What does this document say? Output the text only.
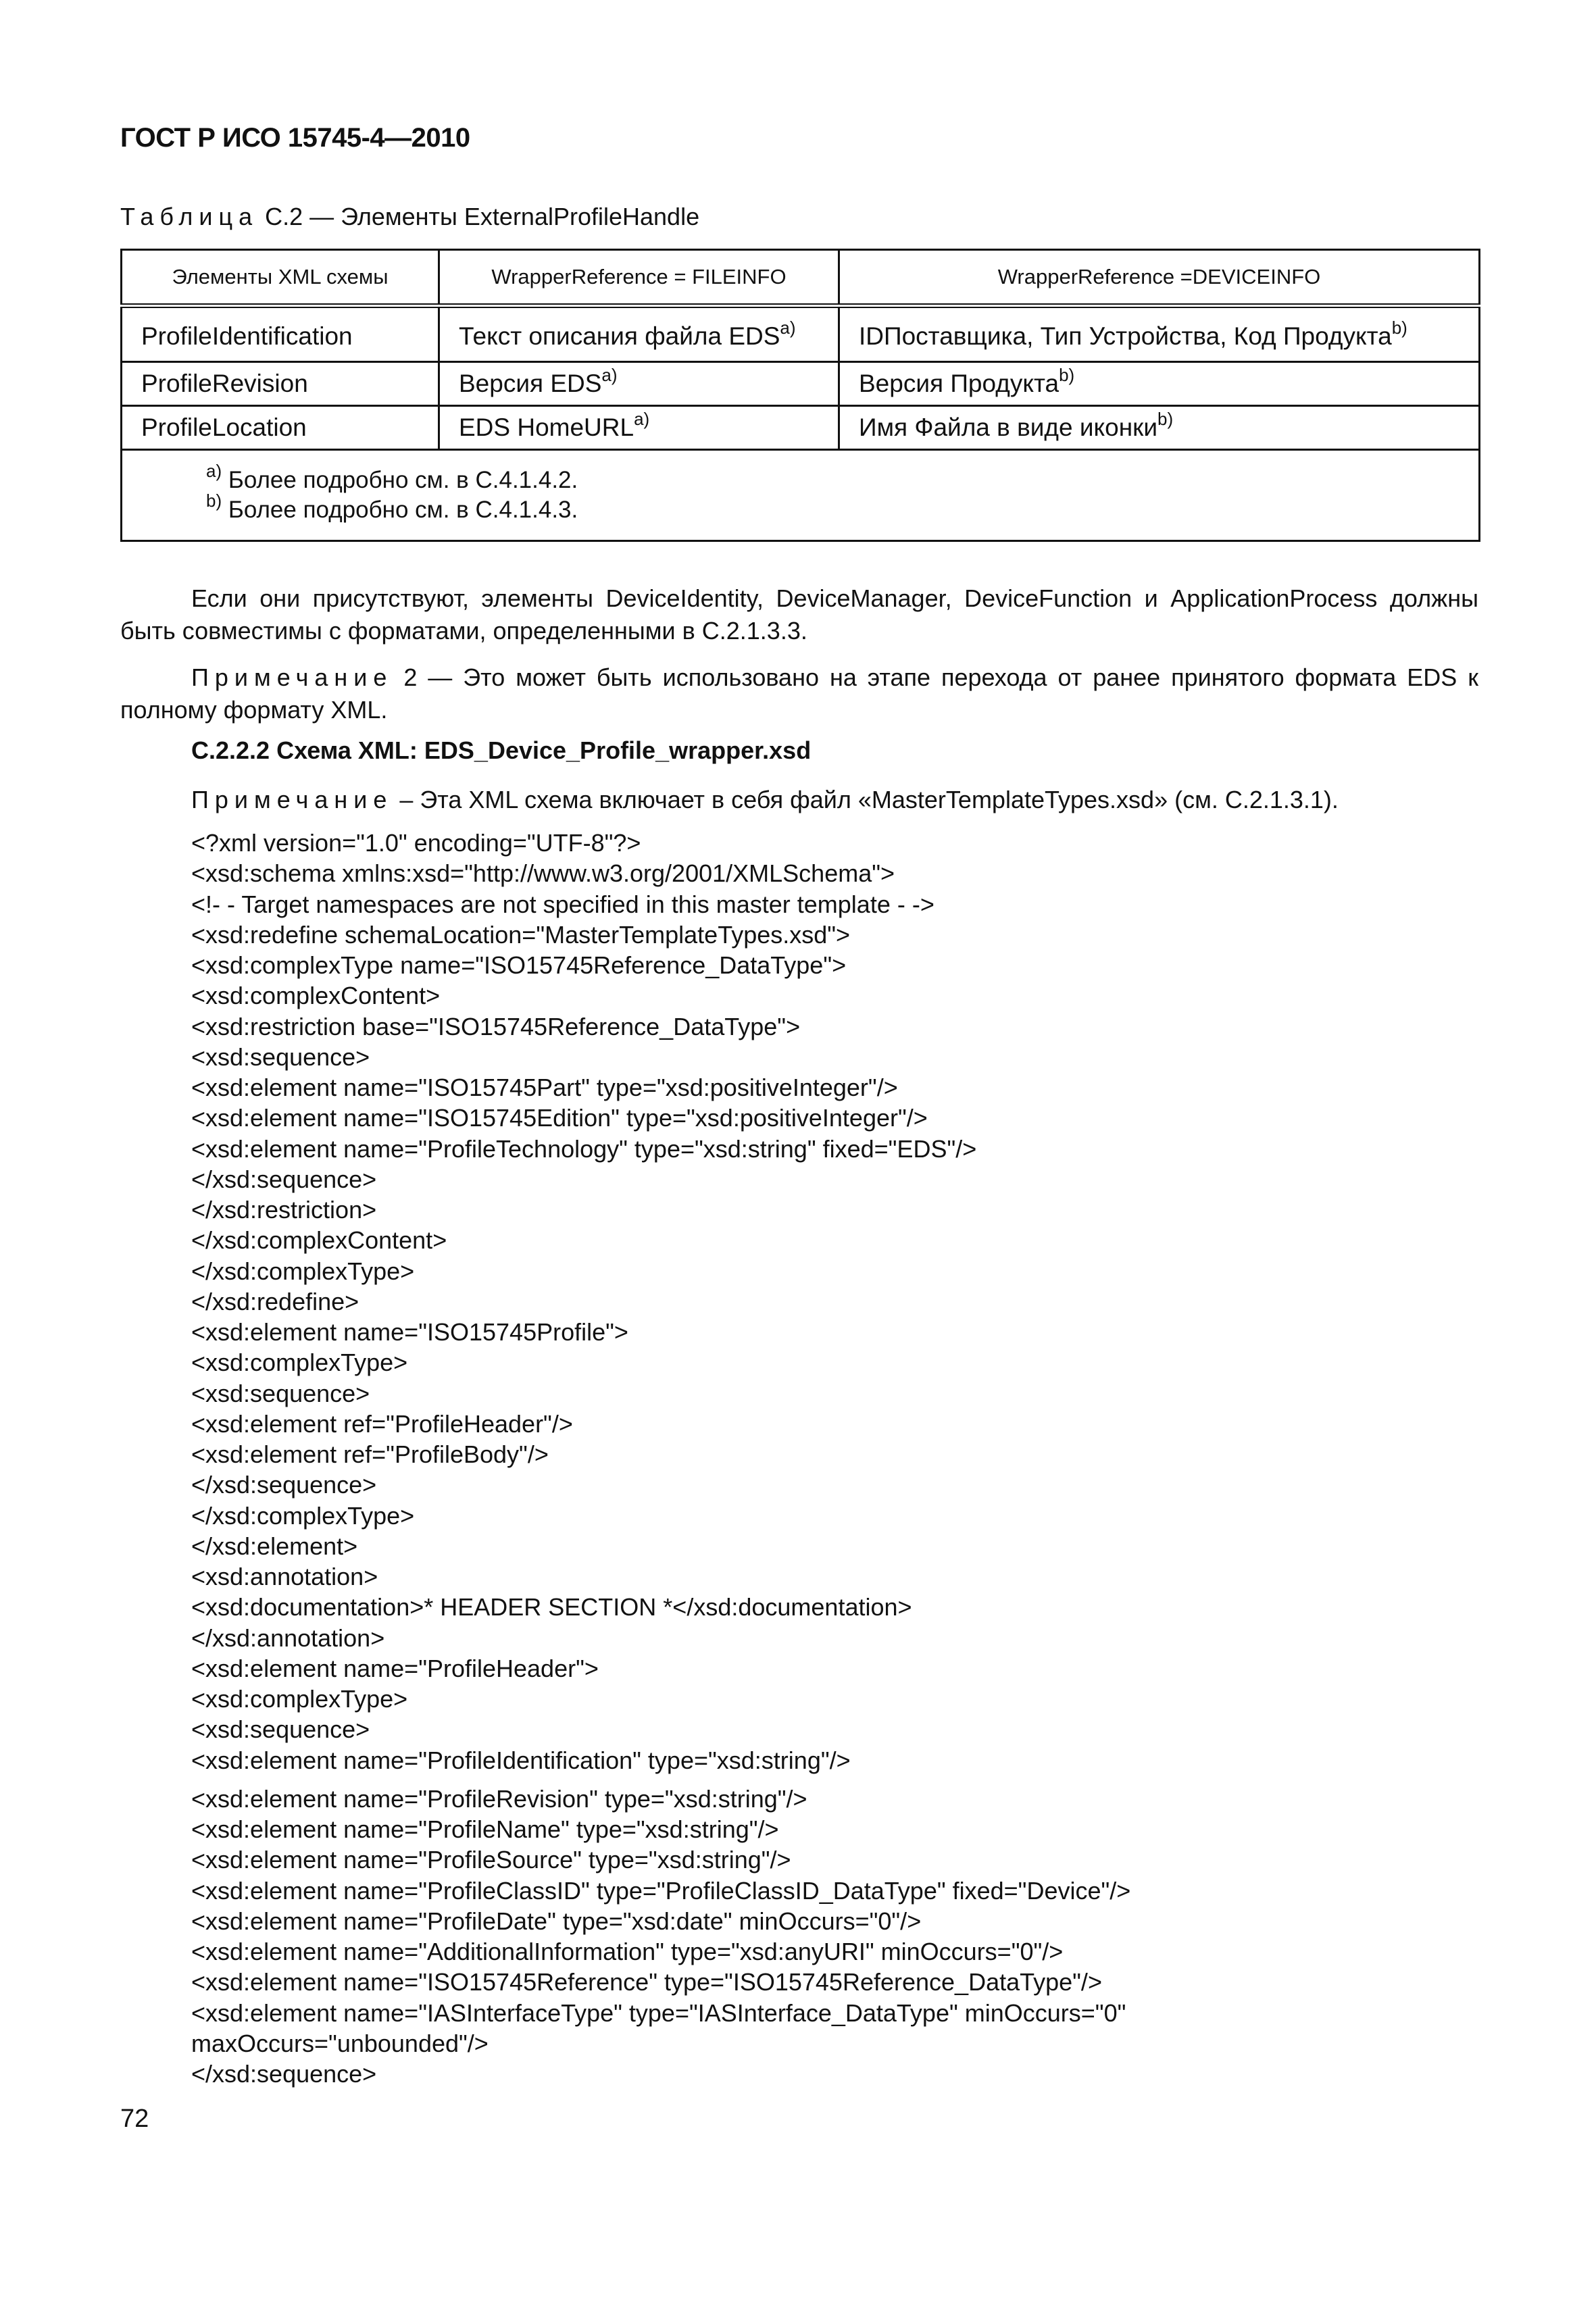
ГОСТ Р ИСО 15745-4—2010
Таблица С.2 — Элементы ExternalProfileHandle
Элементы XML схемы	WrapperReference = FILEINFO	WrapperReference =DEVICEINFO
ProfileIdentification	Текст описания файла EDS$^{a)}$	IDПоставщика, Тип Устройства, Код Продукта$^{b)}$
ProfileRevision	Версия EDS$^{a)}$	Версия Продукта$^{b)}$
ProfileLocation	EDS HomeURL$^{a)}$	Имя Файла в виде иконки$^{b)}$

$^{a)}$ Более подробно см. в С.4.1.4.2.
$^{b)}$ Более подробно см. в С.4.1.4.3.		
Если они присутствуют, элементы DeviceIdentity, DeviceManager, DeviceFunction и ApplicationProcess должны быть совместимы с форматами, определенными в С.2.1.3.3.
Примечание 2 — Это может быть использовано на этапе перехода от ранее принятого формата EDS к полному формату XML.
С.2.2.2 Схема XML: EDS_Device_Profile_wrapper.xsd
Примечание – Эта XML схема включает в себя файл «MasterTemplateTypes.xsd» (см. С.2.1.3.1).
<?xml version="1.0" encoding="UTF-8"?>
<xsd:schema xmlns:xsd="http://www.w3.org/2001/XMLSchema">
<!- - Target namespaces are not specified in this master template - ->
<xsd:redefine schemaLocation="MasterTemplateTypes.xsd">
<xsd:complexType name="ISO15745Reference_DataType">
<xsd:complexContent>
<xsd:restriction base="ISO15745Reference_DataType">
<xsd:sequence>
<xsd:element name="ISO15745Part" type="xsd:positiveInteger"/>
<xsd:element name="ISO15745Edition" type="xsd:positiveInteger"/>
<xsd:element name="ProfileTechnology" type="xsd:string" fixed="EDS"/>
</xsd:sequence>
</xsd:restriction>
</xsd:complexContent>
</xsd:complexType>
</xsd:redefine>
<xsd:element name="ISO15745Profile">
<xsd:complexType>
<xsd:sequence>
<xsd:element ref="ProfileHeader"/>
<xsd:element ref="ProfileBody"/>
</xsd:sequence>
</xsd:complexType>
</xsd:element>
<xsd:annotation>
<xsd:documentation>* HEADER SECTION *</xsd:documentation>
</xsd:annotation>
<xsd:element name="ProfileHeader">
<xsd:complexType>
<xsd:sequence>
<xsd:element name="ProfileIdentification" type="xsd:string"/>
<xsd:element name="ProfileRevision" type="xsd:string"/>
<xsd:element name="ProfileName" type="xsd:string"/>
<xsd:element name="ProfileSource" type="xsd:string"/>
<xsd:element name="ProfileClassID" type="ProfileClassID_DataType" fixed="Device"/>
<xsd:element name="ProfileDate" type="xsd:date" minOccurs="0"/>
<xsd:element name="AdditionalInformation" type="xsd:anyURI" minOccurs="0"/>
<xsd:element name="ISO15745Reference" type="ISO15745Reference_DataType"/>
<xsd:element name="IASInterfaceType" type="IASInterface_DataType" minOccurs="0"
maxOccurs="unbounded"/>
</xsd:sequence>
72
